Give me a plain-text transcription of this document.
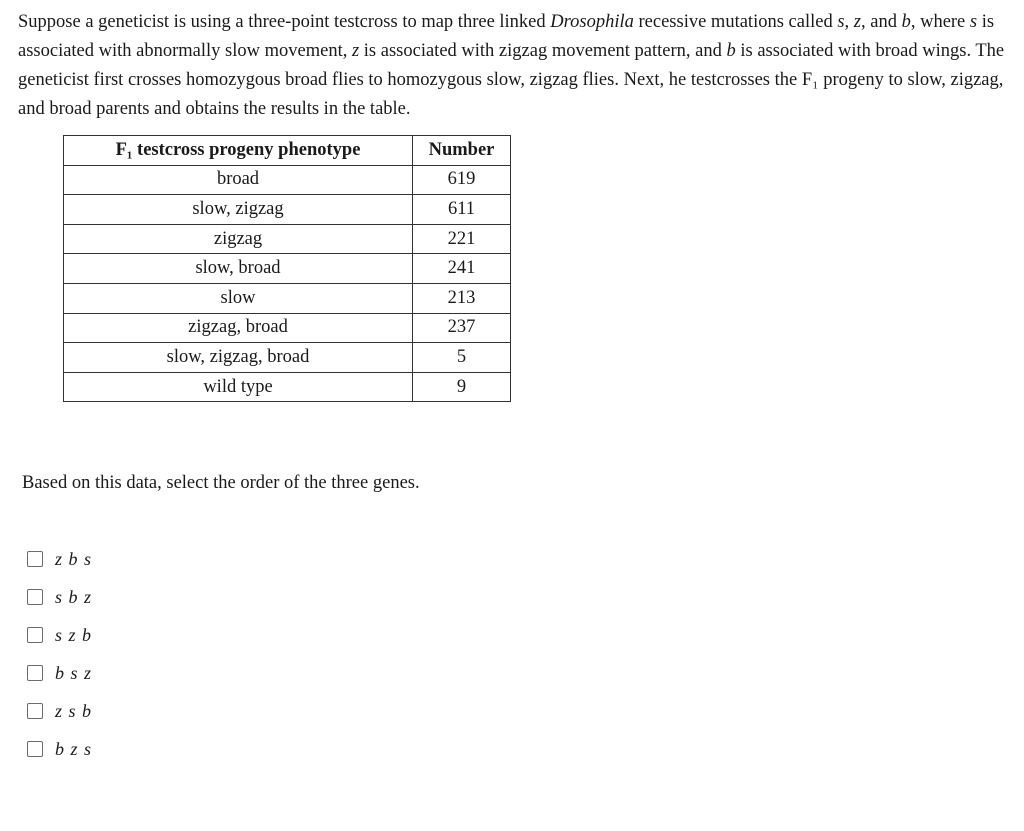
Suppose a geneticist is using a three-point testcross to map three linked Drosophila recessive mutations called s, z, and b, where s is associated with abnormally slow movement, z is associated with zigzag movement pattern, and b is associated with broad wings. The geneticist first crosses homozygous broad flies to homozygous slow, zigzag flies. Next, he testcrosses the F₁ progeny to slow, zigzag, and broad parents and obtains the results in the table.
F₁ testcross progeny phenotype	Number
broad	619
slow, zigzag	611
zigzag	221
slow, broad	241
slow	213
zigzag, broad	237
slow, zigzag, broad	5
wild type	9
Based on this data, select the order of the three genes.
z b s
s b z
s z b
b s z
z s b
b z s
